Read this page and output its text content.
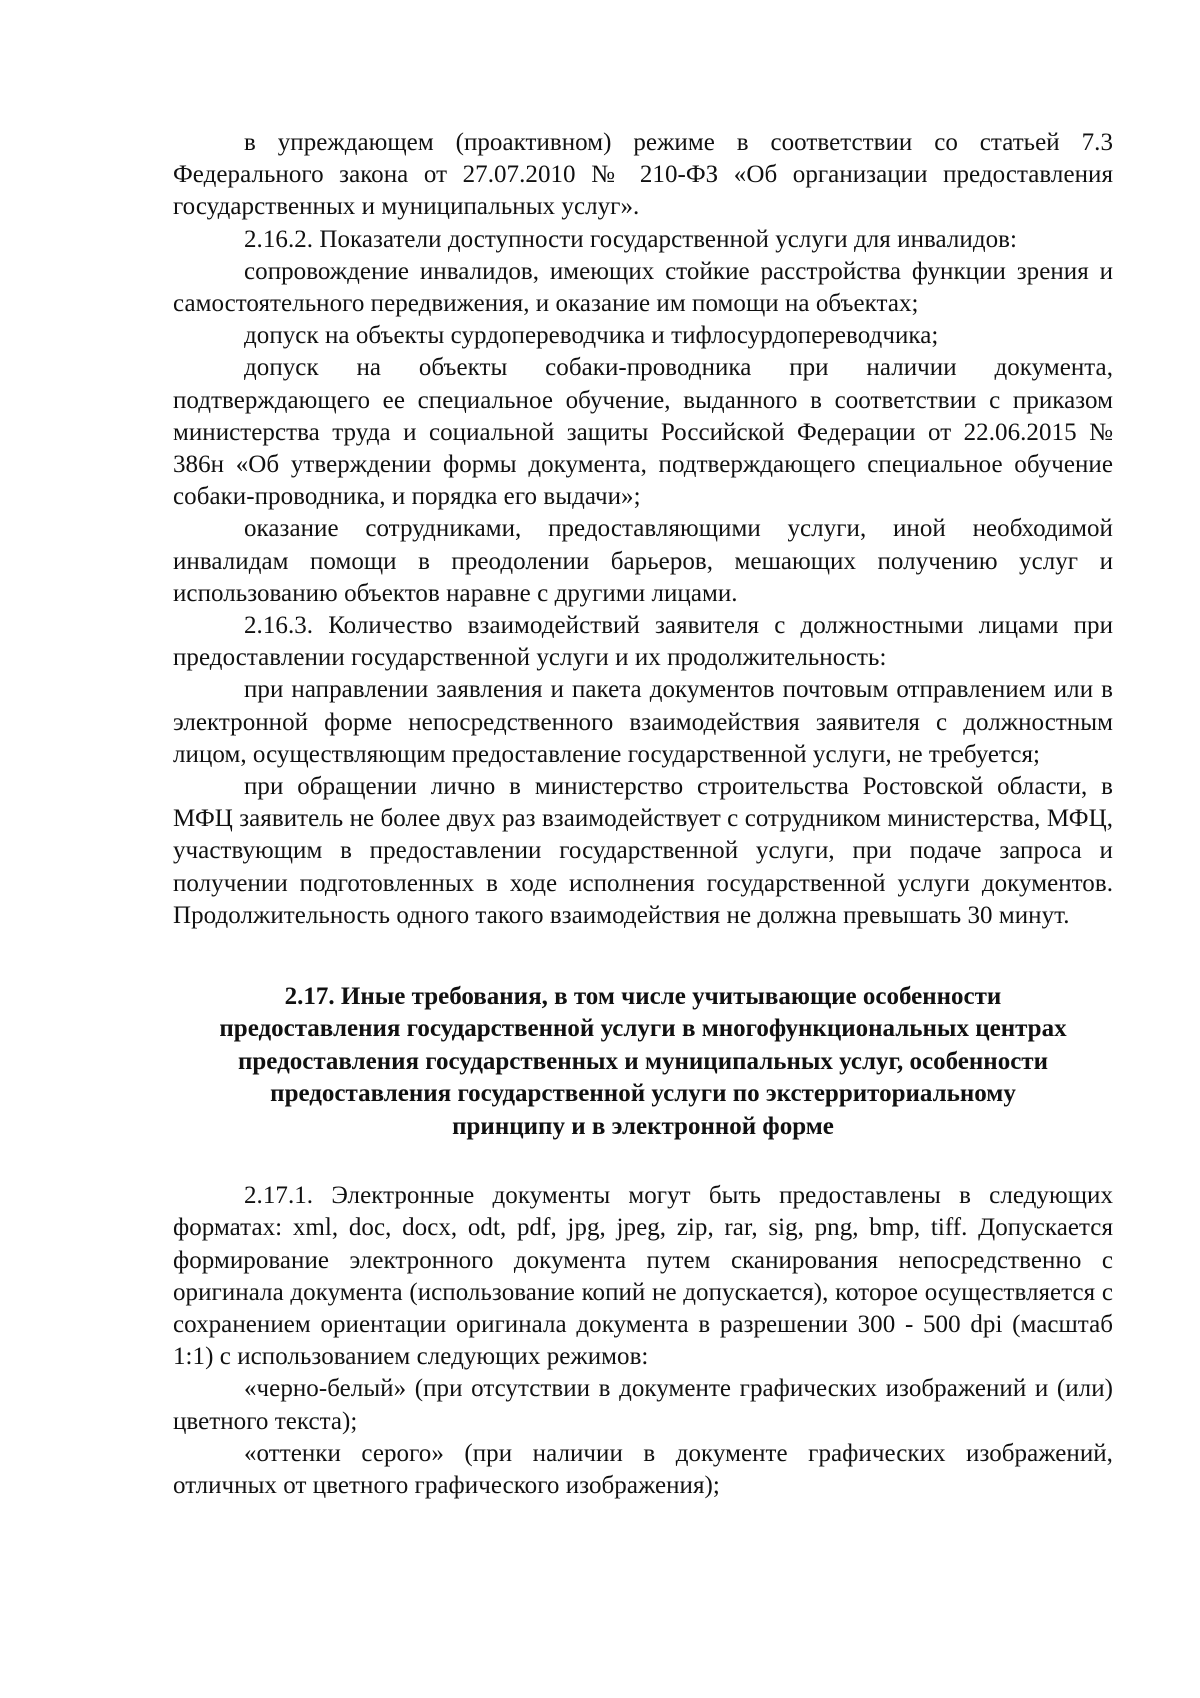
в упреждающем (проактивном) режиме в соответствии со статьей 7.3 Федерального закона от 27.07.2010 № 210-ФЗ «Об организации предоставления государственных и муниципальных услуг».

2.16.2. Показатели доступности государственной услуги для инвалидов:

сопровождение инвалидов, имеющих стойкие расстройства функции зрения и самостоятельного передвижения, и оказание им помощи на объектах;

допуск на объекты сурдопереводчика и тифлосурдопереводчика;

допуск на объекты собаки-проводника при наличии документа, подтверждающего ее специальное обучение, выданного в соответствии с приказом министерства труда и социальной защиты Российской Федерации от 22.06.2015 № 386н «Об утверждении формы документа, подтверждающего специальное обучение собаки-проводника, и порядка его выдачи»;

оказание сотрудниками, предоставляющими услуги, иной необходимой инвалидам помощи в преодолении барьеров, мешающих получению услуг и использованию объектов наравне с другими лицами.

2.16.3. Количество взаимодействий заявителя с должностными лицами при предоставлении государственной услуги и их продолжительность:

при направлении заявления и пакета документов почтовым отправлением или в электронной форме непосредственного взаимодействия заявителя с должностным лицом, осуществляющим предоставление государственной услуги, не требуется;

при обращении лично в министерство строительства Ростовской области, в МФЦ заявитель не более двух раз взаимодействует с сотрудником министерства, МФЦ, участвующим в предоставлении государственной услуги, при подаче запроса и получении подготовленных в ходе исполнения государственной услуги документов. Продолжительность одного такого взаимодействия не должна превышать 30 минут.

2.17. Иные требования, в том числе учитывающие особенности
предоставления государственной услуги в многофункциональных центрах
предоставления государственных и муниципальных услуг, особенности
предоставления государственной услуги по экстерриториальному
принципу и в электронной форме

2.17.1. Электронные документы могут быть предоставлены в следующих форматах: xml, doc, docx, odt, pdf, jpg, jpeg, zip, rar, sig, png, bmp, tiff. Допускается формирование электронного документа путем сканирования непосредственно с оригинала документа (использование копий не допускается), которое осуществляется с сохранением ориентации оригинала документа в разрешении 300 - 500 dpi (масштаб 1:1) с использованием следующих режимов:

«черно-белый» (при отсутствии в документе графических изображений и (или) цветного текста);

«оттенки серого» (при наличии в документе графических изображений, отличных от цветного графического изображения);
